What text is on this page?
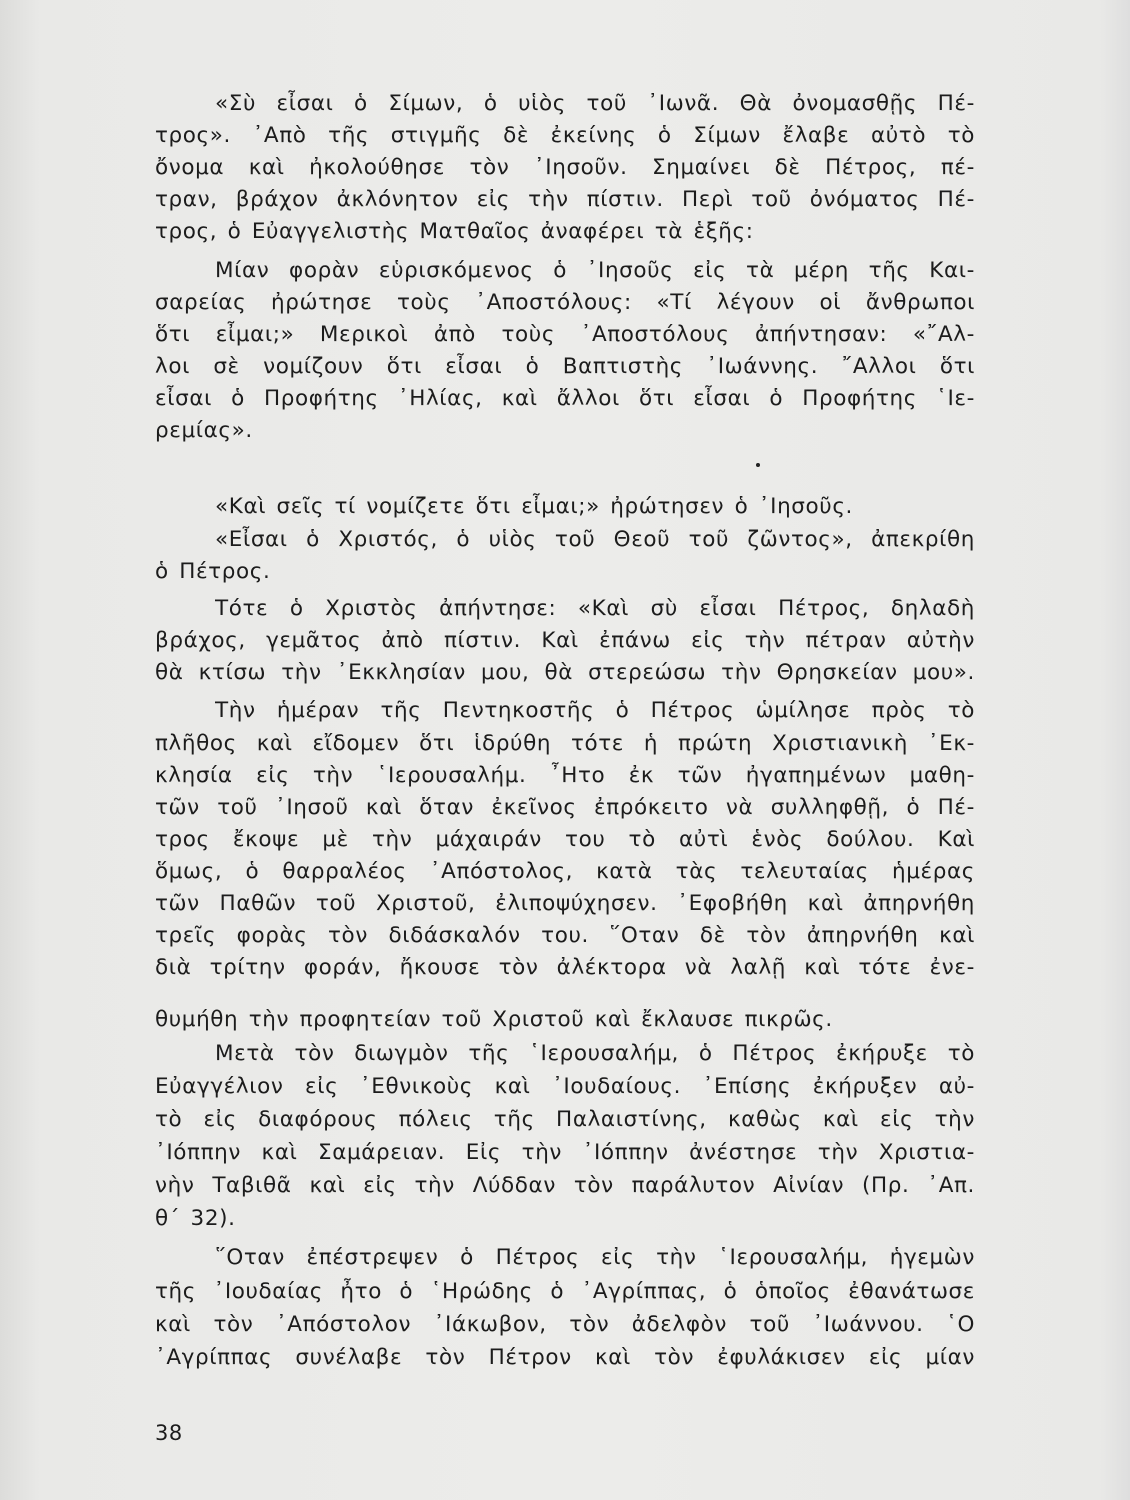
«Σὺ εἶσαι ὁ Σίμων, ὁ υἱὸς τοῦ ᾿Ιωνᾶ. Θὰ ὀνομασθῇς Πέ-
τρος». ᾿Απὸ τῆς στιγμῆς δὲ ἐκείνης ὁ Σίμων ἔλαβε αὐτὸ τὸ
ὄνομα καὶ ἠκολούθησε τὸν ᾿Ιησοῦν. Σημαίνει δὲ Πέτρος, πέ-
τραν, βράχον ἀκλόνητον εἰς τὴν πίστιν. Περὶ τοῦ ὀνόματος Πέ-
τρος, ὁ Εὐαγγελιστὴς Ματθαῖος ἀναφέρει τὰ ἑξῆς:
Μίαν φορὰν εὑρισκόμενος ὁ ᾿Ιησοῦς εἰς τὰ μέρη τῆς Και-
σαρείας ἠρώτησε τοὺς ᾿Αποστόλους: «Τί λέγουν οἱ ἄνθρωποι
ὅτι εἶμαι;» Μερικοὶ ἀπὸ τοὺς ᾿Αποστόλους ἀπήντησαν: «῎Αλ-
λοι σὲ νομίζουν ὅτι εἶσαι ὁ Βαπτιστὴς ᾿Ιωάννης. ῎Αλλοι ὅτι
εἶσαι ὁ Προφήτης ᾿Ηλίας, καὶ ἄλλοι ὅτι εἶσαι ὁ Προφήτης ῾Ιε-
ρεμίας».
«Καὶ σεῖς τί νομίζετε ὅτι εἶμαι;» ἠρώτησεν ὁ ᾿Ιησοῦς.
«Εἶσαι ὁ Χριστός, ὁ υἱὸς τοῦ Θεοῦ τοῦ ζῶντος», ἀπεκρίθη
ὁ Πέτρος.
Τότε ὁ Χριστὸς ἀπήντησε: «Καὶ σὺ εἶσαι Πέτρος, δηλαδὴ
βράχος, γεμᾶτος ἀπὸ πίστιν. Καὶ ἐπάνω εἰς τὴν πέτραν αὐτὴν
θὰ κτίσω τὴν ᾿Εκκλησίαν μου, θὰ στερεώσω τὴν Θρησκείαν μου».
Τὴν ἡμέραν τῆς Πεντηκοστῆς ὁ Πέτρος ὡμίλησε πρὸς τὸ
πλῆθος καὶ εἴδομεν ὅτι ἱδρύθη τότε ἡ πρώτη Χριστιανικὴ ᾿Εκ-
κλησία εἰς τὴν ῾Ιερουσαλήμ. ῏Ητο ἐκ τῶν ἠγαπημένων μαθη-
τῶν τοῦ ᾿Ιησοῦ καὶ ὅταν ἐκεῖνος ἐπρόκειτο νὰ συλληφθῇ, ὁ Πέ-
τρος ἔκοψε μὲ τὴν μάχαιράν του τὸ αὐτὶ ἑνὸς δούλου. Καὶ
ὅμως, ὁ θαρραλέος ᾿Απόστολος, κατὰ τὰς τελευταίας ἡμέρας
τῶν Παθῶν τοῦ Χριστοῦ, ἐλιποψύχησεν. ᾿Εφοβήθη καὶ ἀπηρνήθη
τρεῖς φορὰς τὸν διδάσκαλόν του. ῞Οταν δὲ τὸν ἀπηρνήθη καὶ
διὰ τρίτην φοράν, ἤκουσε τὸν ἀλέκτορα νὰ λαλῇ καὶ τότε ἐνε-
θυμήθη τὴν προφητείαν τοῦ Χριστοῦ καὶ ἔκλαυσε πικρῶς.
Μετὰ τὸν διωγμὸν τῆς ῾Ιερουσαλήμ, ὁ Πέτρος ἐκήρυξε τὸ
Εὐαγγέλιον εἰς ᾿Εθνικοὺς καὶ ᾿Ιουδαίους. ᾿Επίσης ἐκήρυξεν αὐ-
τὸ εἰς διαφόρους πόλεις τῆς Παλαιστίνης, καθὼς καὶ εἰς τὴν
᾿Ιόππην καὶ Σαμάρειαν. Εἰς τὴν ᾿Ιόππην ἀνέστησε τὴν Χριστια-
νὴν Ταβιθᾶ καὶ εἰς τὴν Λύδδαν τὸν παράλυτον Αἰνίαν (Πρ. ᾿Απ.
θ´ 32).
῞Οταν ἐπέστρεψεν ὁ Πέτρος εἰς τὴν ῾Ιερουσαλήμ, ἡγεμὼν
τῆς ᾿Ιουδαίας ἦτο ὁ ῾Ηρώδης ὁ ᾿Αγρίππας, ὁ ὁποῖος ἐθανάτωσε
καὶ τὸν ᾿Απόστολον ᾿Ιάκωβον, τὸν ἀδελφὸν τοῦ ᾿Ιωάννου. ῾Ο
᾿Αγρίππας συνέλαβε τὸν Πέτρον καὶ τὸν ἐφυλάκισεν εἰς μίαν
38
